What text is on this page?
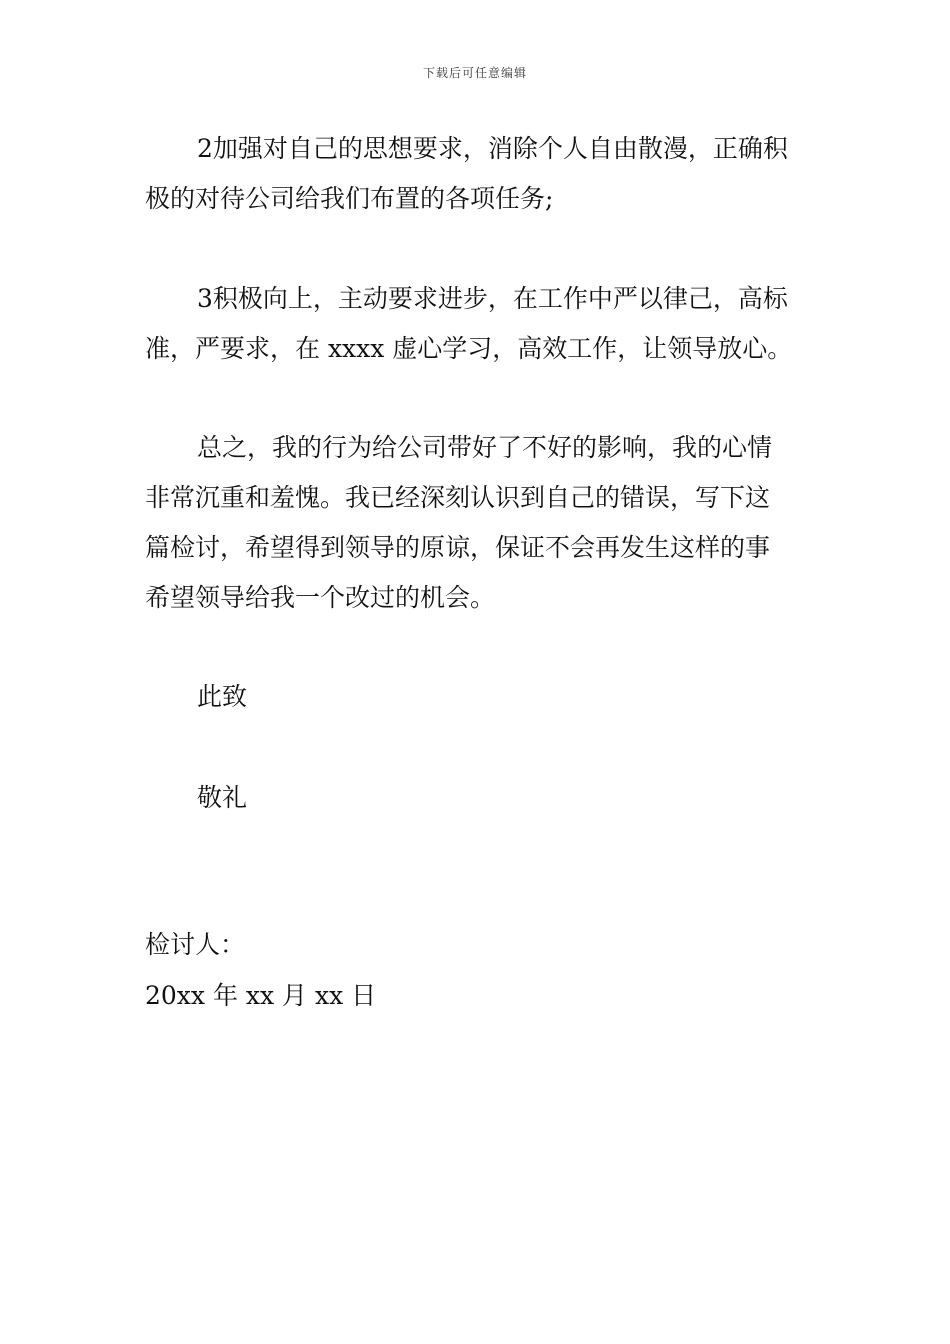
下载后可任意编辑
2加强对自己的思想要求，消除个人自由散漫，正确积
极的对待公司给我们布置的各项任务;
3积极向上，主动要求进步，在工作中严以律己，高标
准，严要求，在 xxxx 虚心学习，高效工作，让领导放心。
总之，我的行为给公司带好了不好的影响，我的心情
非常沉重和羞愧。我已经深刻认识到自己的错误，写下这
篇检讨，希望得到领导的原谅，保证不会再发生这样的事
希望领导给我一个改过的机会。
此致
敬礼
检讨人：
20xx 年 xx 月 xx 日
